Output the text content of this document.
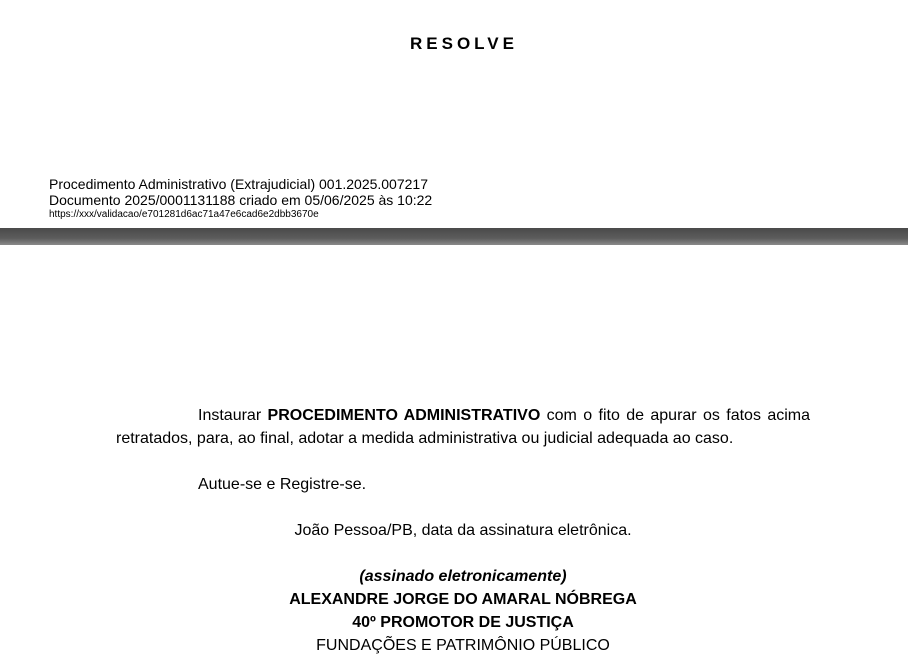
RESOLVE
Procedimento Administrativo (Extrajudicial) 001.2025.007217
Documento 2025/0001131188 criado em 05/06/2025 às 10:22
https://xxx/validacao/e701281d6ac71a47e6cad6e2dbb3670e

Instaurar PROCEDIMENTO ADMINISTRATIVO com o fito de apurar os fatos acima retratados, para, ao final, adotar a medida administrativa ou judicial adequada ao caso.

Autue-se e Registre-se.

João Pessoa/PB, data da assinatura eletrônica.
(assinado eletronicamente)
ALEXANDRE JORGE DO AMARAL NÓBREGA
40º PROMOTOR DE JUSTIÇA
FUNDAÇÕES E PATRIMÔNIO PÚBLICO
